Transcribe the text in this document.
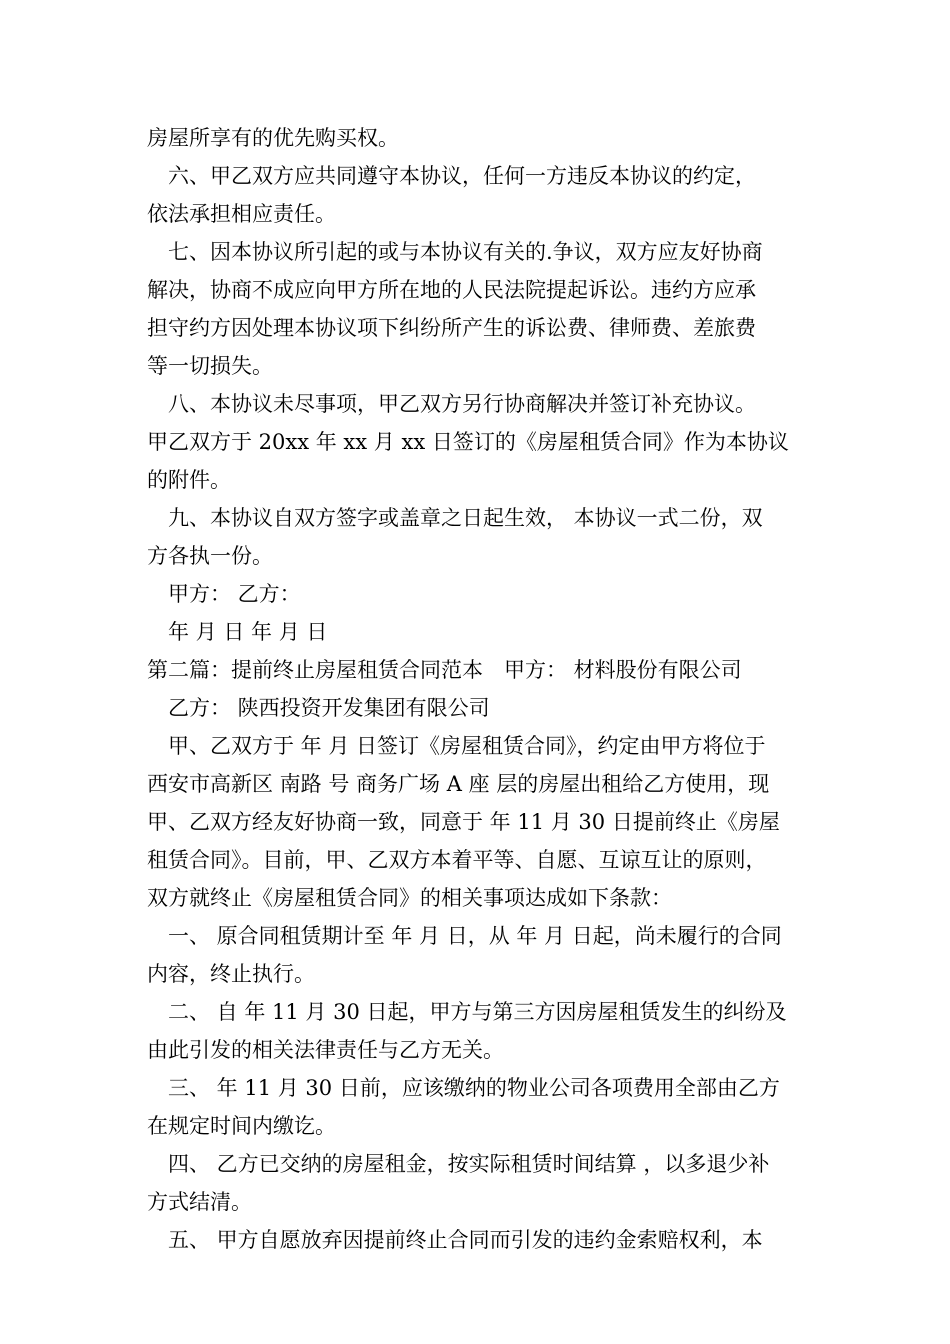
房屋所享有的优先购买权。
六、甲乙双方应共同遵守本协议，任何一方违反本协议的约定，
依法承担相应责任。
七、因本协议所引起的或与本协议有关的.争议，双方应友好协商
解决，协商不成应向甲方所在地的人民法院提起诉讼。违约方应承
担守约方因处理本协议项下纠纷所产生的诉讼费、律师费、差旅费
等一切损失。
八、本协议未尽事项，甲乙双方另行协商解决并签订补充协议。
甲乙双方于 20xx 年 xx 月 xx 日签订的《房屋租赁合同》作为本协议
的附件。
九、本协议自双方签字或盖章之日起生效， 本协议一式二份，双
方各执一份。
甲方： 乙方：
年 月 日 年 月 日
第二篇：提前终止房屋租赁合同范本　甲方： 材料股份有限公司
乙方： 陕西投资开发集团有限公司
甲、乙双方于 年 月 日签订《房屋租赁合同》，约定由甲方将位于
西安市高新区 南路 号 商务广场 A 座 层的房屋出租给乙方使用，现
甲、乙双方经友好协商一致，同意于 年 11 月 30 日提前终止《房屋
租赁合同》。目前，甲、乙双方本着平等、自愿、互谅互让的原则，
双方就终止《房屋租赁合同》的相关事项达成如下条款：
一、 原合同租赁期计至 年 月 日，从 年 月 日起，尚未履行的合同
内容，终止执行。
二、 自 年 11 月 30 日起，甲方与第三方因房屋租赁发生的纠纷及
由此引发的相关法律责任与乙方无关。
三、 年 11 月 30 日前，应该缴纳的物业公司各项费用全部由乙方
在规定时间内缴讫。
四、 乙方已交纳的房屋租金，按实际租赁时间结算 ，以多退少补
方式结清。
五、 甲方自愿放弃因提前终止合同而引发的违约金索赔权利，本
